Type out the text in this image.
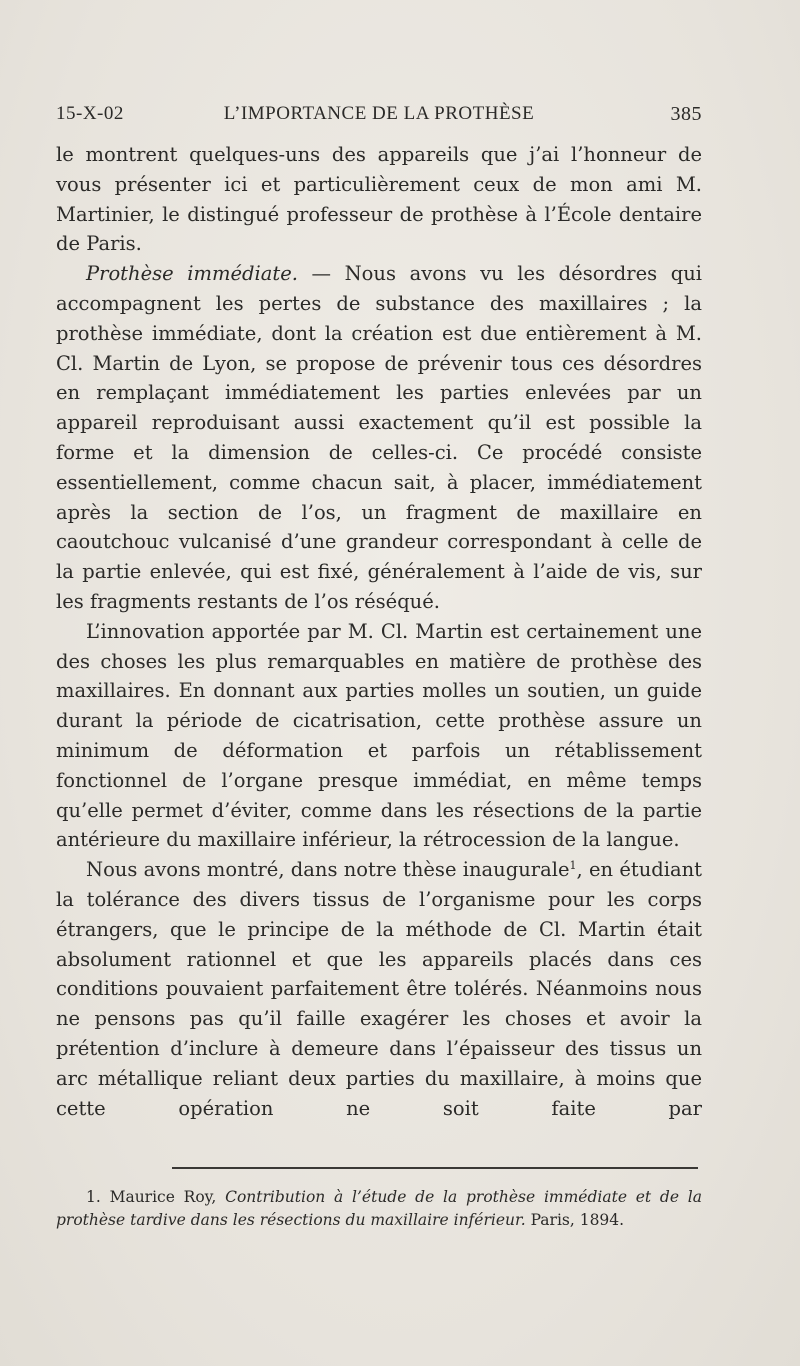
15-X-02	L’IMPORTANCE DE LA PROTHÈSE	385

le montrent quelques-uns des appareils que j’ai l’honneur de vous présenter ici et particulièrement ceux de mon ami M. Martinier, le distingué professeur de prothèse à l’École dentaire de Paris.

Prothèse immédiate. — Nous avons vu les désordres qui accompagnent les pertes de substance des maxillaires ; la prothèse immédiate, dont la création est due entièrement à M. Cl. Martin de Lyon, se propose de prévenir tous ces désordres en remplaçant immédiatement les parties enlevées par un appareil reproduisant aussi exactement qu’il est possible la forme et la dimension de celles-ci. Ce procédé consiste essentiellement, comme chacun sait, à placer, immédiatement après la section de l’os, un fragment de maxillaire en caoutchouc vulcanisé d’une grandeur correspondant à celle de la partie enlevée, qui est fixé, généralement à l’aide de vis, sur les fragments restants de l’os réséqué.

L’innovation apportée par M. Cl. Martin est certainement une des choses les plus remarquables en matière de prothèse des maxillaires. En donnant aux parties molles un soutien, un guide durant la période de cicatrisation, cette prothèse assure un minimum de déformation et parfois un rétablissement fonctionnel de l’organe presque immédiat, en même temps qu’elle permet d’éviter, comme dans les résections de la partie antérieure du maxillaire inférieur, la rétrocession de la langue.

Nous avons montré, dans notre thèse inaugurale$^1$, en étudiant la tolérance des divers tissus de l’organisme pour les corps étrangers, que le principe de la méthode de Cl. Martin était absolument rationnel et que les appareils placés dans ces conditions pouvaient parfaitement être tolérés. Néanmoins nous ne pensons pas qu’il faille exagérer les choses et avoir la prétention d’inclure à demeure dans l’épaisseur des tissus un arc métallique reliant deux parties du maxillaire, à moins que cette opération ne soit faite par

1. Maurice Roy, Contribution à l’étude de la prothèse immédiate et de la prothèse tardive dans les résections du maxillaire inférieur. Paris, 1894.
